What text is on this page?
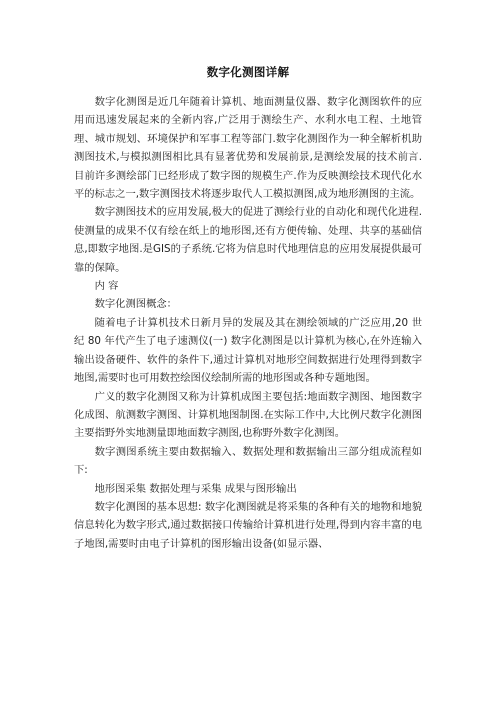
数字化测图详解

数字化测图是近几年随着计算机、地面测量仪器、数字化测图软件的应用而迅速发展起来的全新内容,广泛用于测绘生产、水利水电工程、土地管理、城市规划、环境保护和军事工程等部门.数字化测图作为一种全解析机助测图技术,与模拟测图相比具有显著优势和发展前景,是测绘发展的技术前言.目前许多测绘部门已经形成了数字图的规模生产.作为反映测绘技术现代化水平的标志之一,数字测图技术将逐步取代人工模拟测图,成为地形测图的主流。

数字测图技术的应用发展,极大的促进了测绘行业的自动化和现代化进程.使测量的成果不仅有绘在纸上的地形图,还有方便传输、处理、共享的基础信息,即数字地图.是GIS的子系统.它将为信息时代地理信息的应用发展提供最可靠的保障。

内 容

数字化测图概念：

随着电子计算机技术日新月异的发展及其在测绘领域的广泛应用,20 世纪 80 年代产生了电子速测仪(一) 数字化测图是以计算机为核心,在外连输入输出设备硬件、软件的条件下,通过计算机对地形空间数据进行处理得到数字地图,需要时也可用数控绘图仪绘制所需的地形图或各种专题地图。

广义的数字化测图又称为计算机成图主要包括:地面数字测图、地图数字化成图、航测数字测图、计算机地图制图.在实际工作中,大比例尺数字化测图主要指野外实地测量即地面数字测图,也称野外数字化测图。

数字测图系统主要由数据输入、数据处理和数据输出三部分组成流程如下:

地形图采集 数据处理与采集 成果与图形输出

数字化测图的基本思想: 数字化测图就是将采集的各种有关的地物和地貌信息转化为数字形式,通过数据接口传输给计算机进行处理,得到内容丰富的电子地图,需要时由电子计算机的图形输出设备(如显示器、
